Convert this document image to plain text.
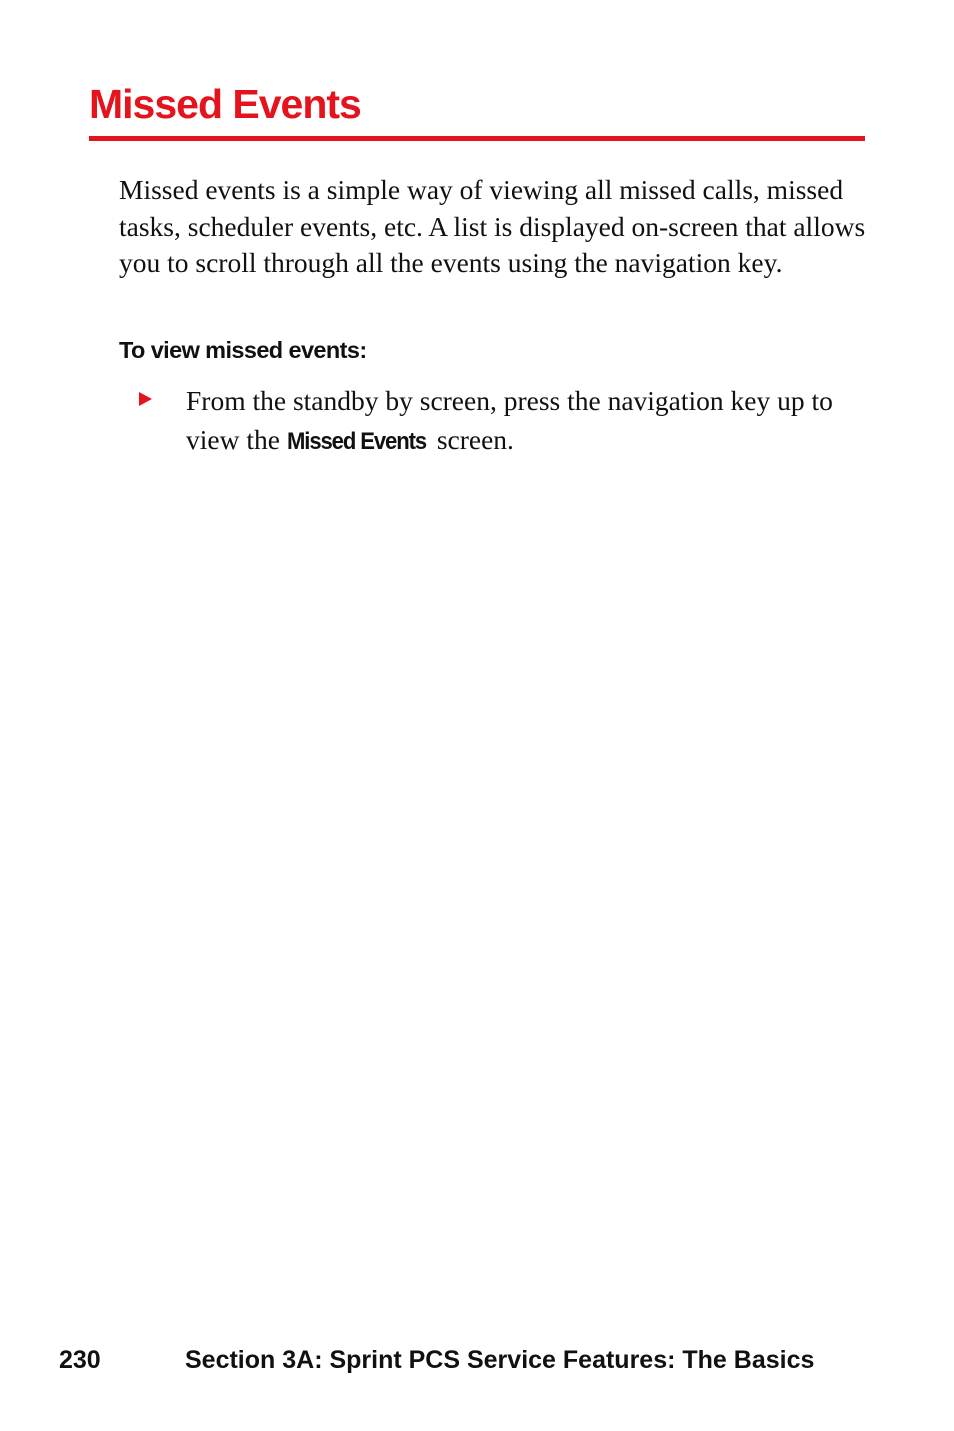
Missed Events

Missed events is a simple way of viewing all missed calls, missed tasks, scheduler events, etc. A list is displayed on-screen that allows you to scroll through all the events using the navigation key.

To view missed events:

From the standby by screen, press the navigation key up to view the Missed Events screen.

230	Section 3A: Sprint PCS Service Features: The Basics
